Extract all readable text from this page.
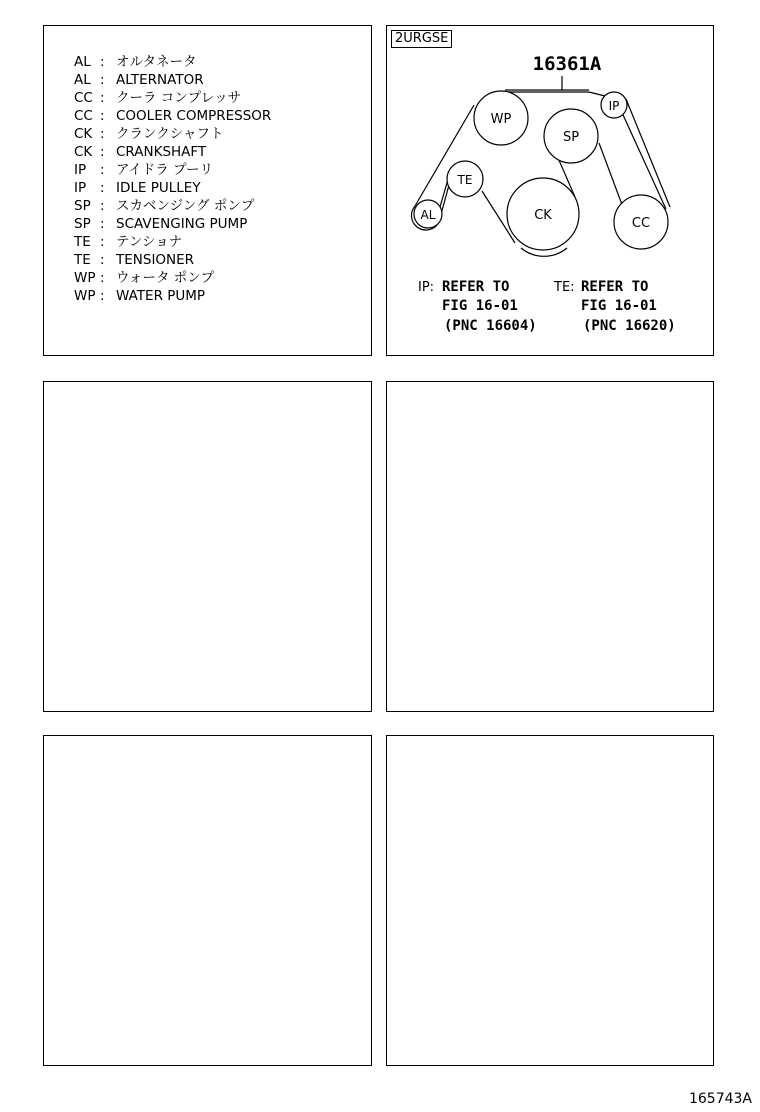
AL : オルタネータ
AL : ALTERNATOR
CC : クーラ コンプレッサ
CC : COOLER COMPRESSOR
CK : クランクシャフト
CK : CRANKSHAFT
IP	: アイドラ プーリ
IP	: IDLE PULLEY
SP : スカベンジング ポンプ
SP : SCAVENGING PUMP
TE : テンショナ
TE : TENSIONER
WP : ウォータ ポンプ
WP : WATER PUMP
2URGSE
16361A
WP
SP
IP
TE
AL	CK
CC
IP: REFER TO
FIG 16-01
(PNC 16604)
TE: REFER TO
FIG 16-01
(PNC 16620)
165743A
